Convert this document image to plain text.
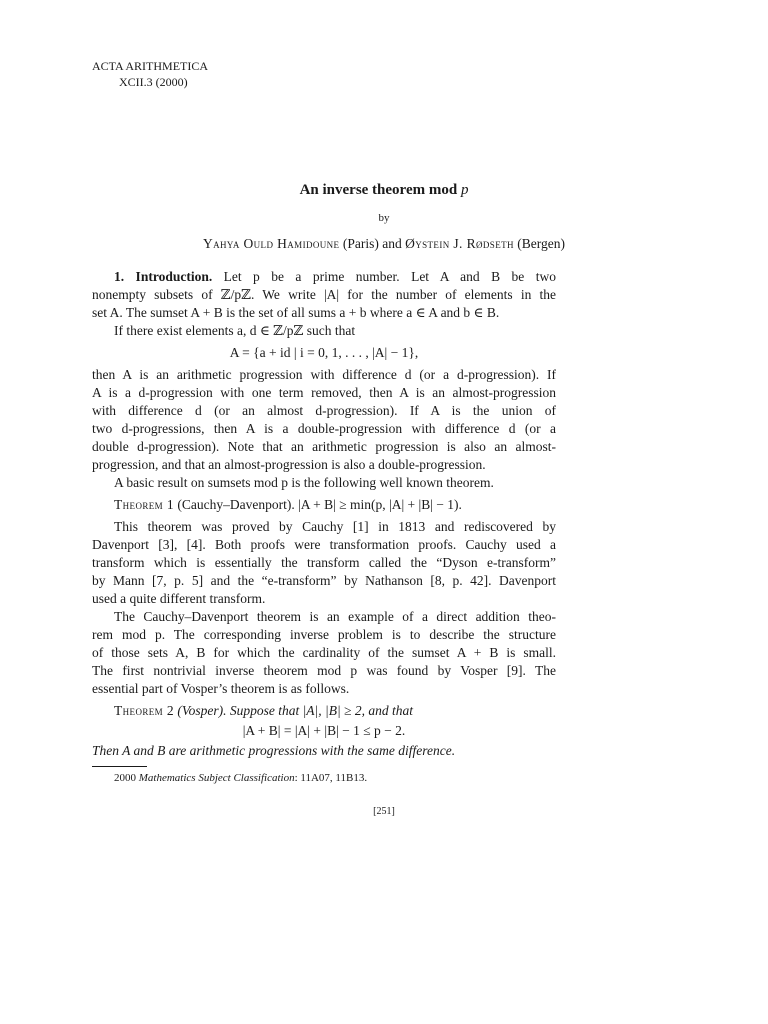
ACTA ARITHMETICA
XCII.3 (2000)
An inverse theorem mod p
by
Yahya Ould Hamidoune (Paris) and Øystein J. Rødseth (Bergen)
1. Introduction. Let p be a prime number. Let A and B be two
nonempty subsets of ℤ/pℤ. We write |A| for the number of elements in the
set A. The sumset A + B is the set of all sums a + b where a ∈ A and b ∈ B.
If there exist elements a, d ∈ ℤ/pℤ such that
A = {a + id | i = 0, 1, . . . , |A| − 1},
then A is an arithmetic progression with difference d (or a d-progression). If
A is a d-progression with one term removed, then A is an almost-progression
with difference d (or an almost d-progression). If A is the union of
two d-progressions, then A is a double-progression with difference d (or a
double d-progression). Note that an arithmetic progression is also an almost-
progression, and that an almost-progression is also a double-progression.
A basic result on sumsets mod p is the following well known theorem.
Theorem 1 (Cauchy–Davenport). |A + B| ≥ min(p, |A| + |B| − 1).
This theorem was proved by Cauchy [1] in 1813 and rediscovered by
Davenport [3], [4]. Both proofs were transformation proofs. Cauchy used a
transform which is essentially the transform called the “Dyson e-transform”
by Mann [7, p. 5] and the “e-transform” by Nathanson [8, p. 42]. Davenport
used a quite different transform.
The Cauchy–Davenport theorem is an example of a direct addition theo-
rem mod p. The corresponding inverse problem is to describe the structure
of those sets A, B for which the cardinality of the sumset A + B is small.
The first nontrivial inverse theorem mod p was found by Vosper [9]. The
essential part of Vosper’s theorem is as follows.
Theorem 2 (Vosper). Suppose that |A|, |B| ≥ 2, and that
|A + B| = |A| + |B| − 1 ≤ p − 2.
Then A and B are arithmetic progressions with the same difference.
2000 Mathematics Subject Classification: 11A07, 11B13.
[251]
